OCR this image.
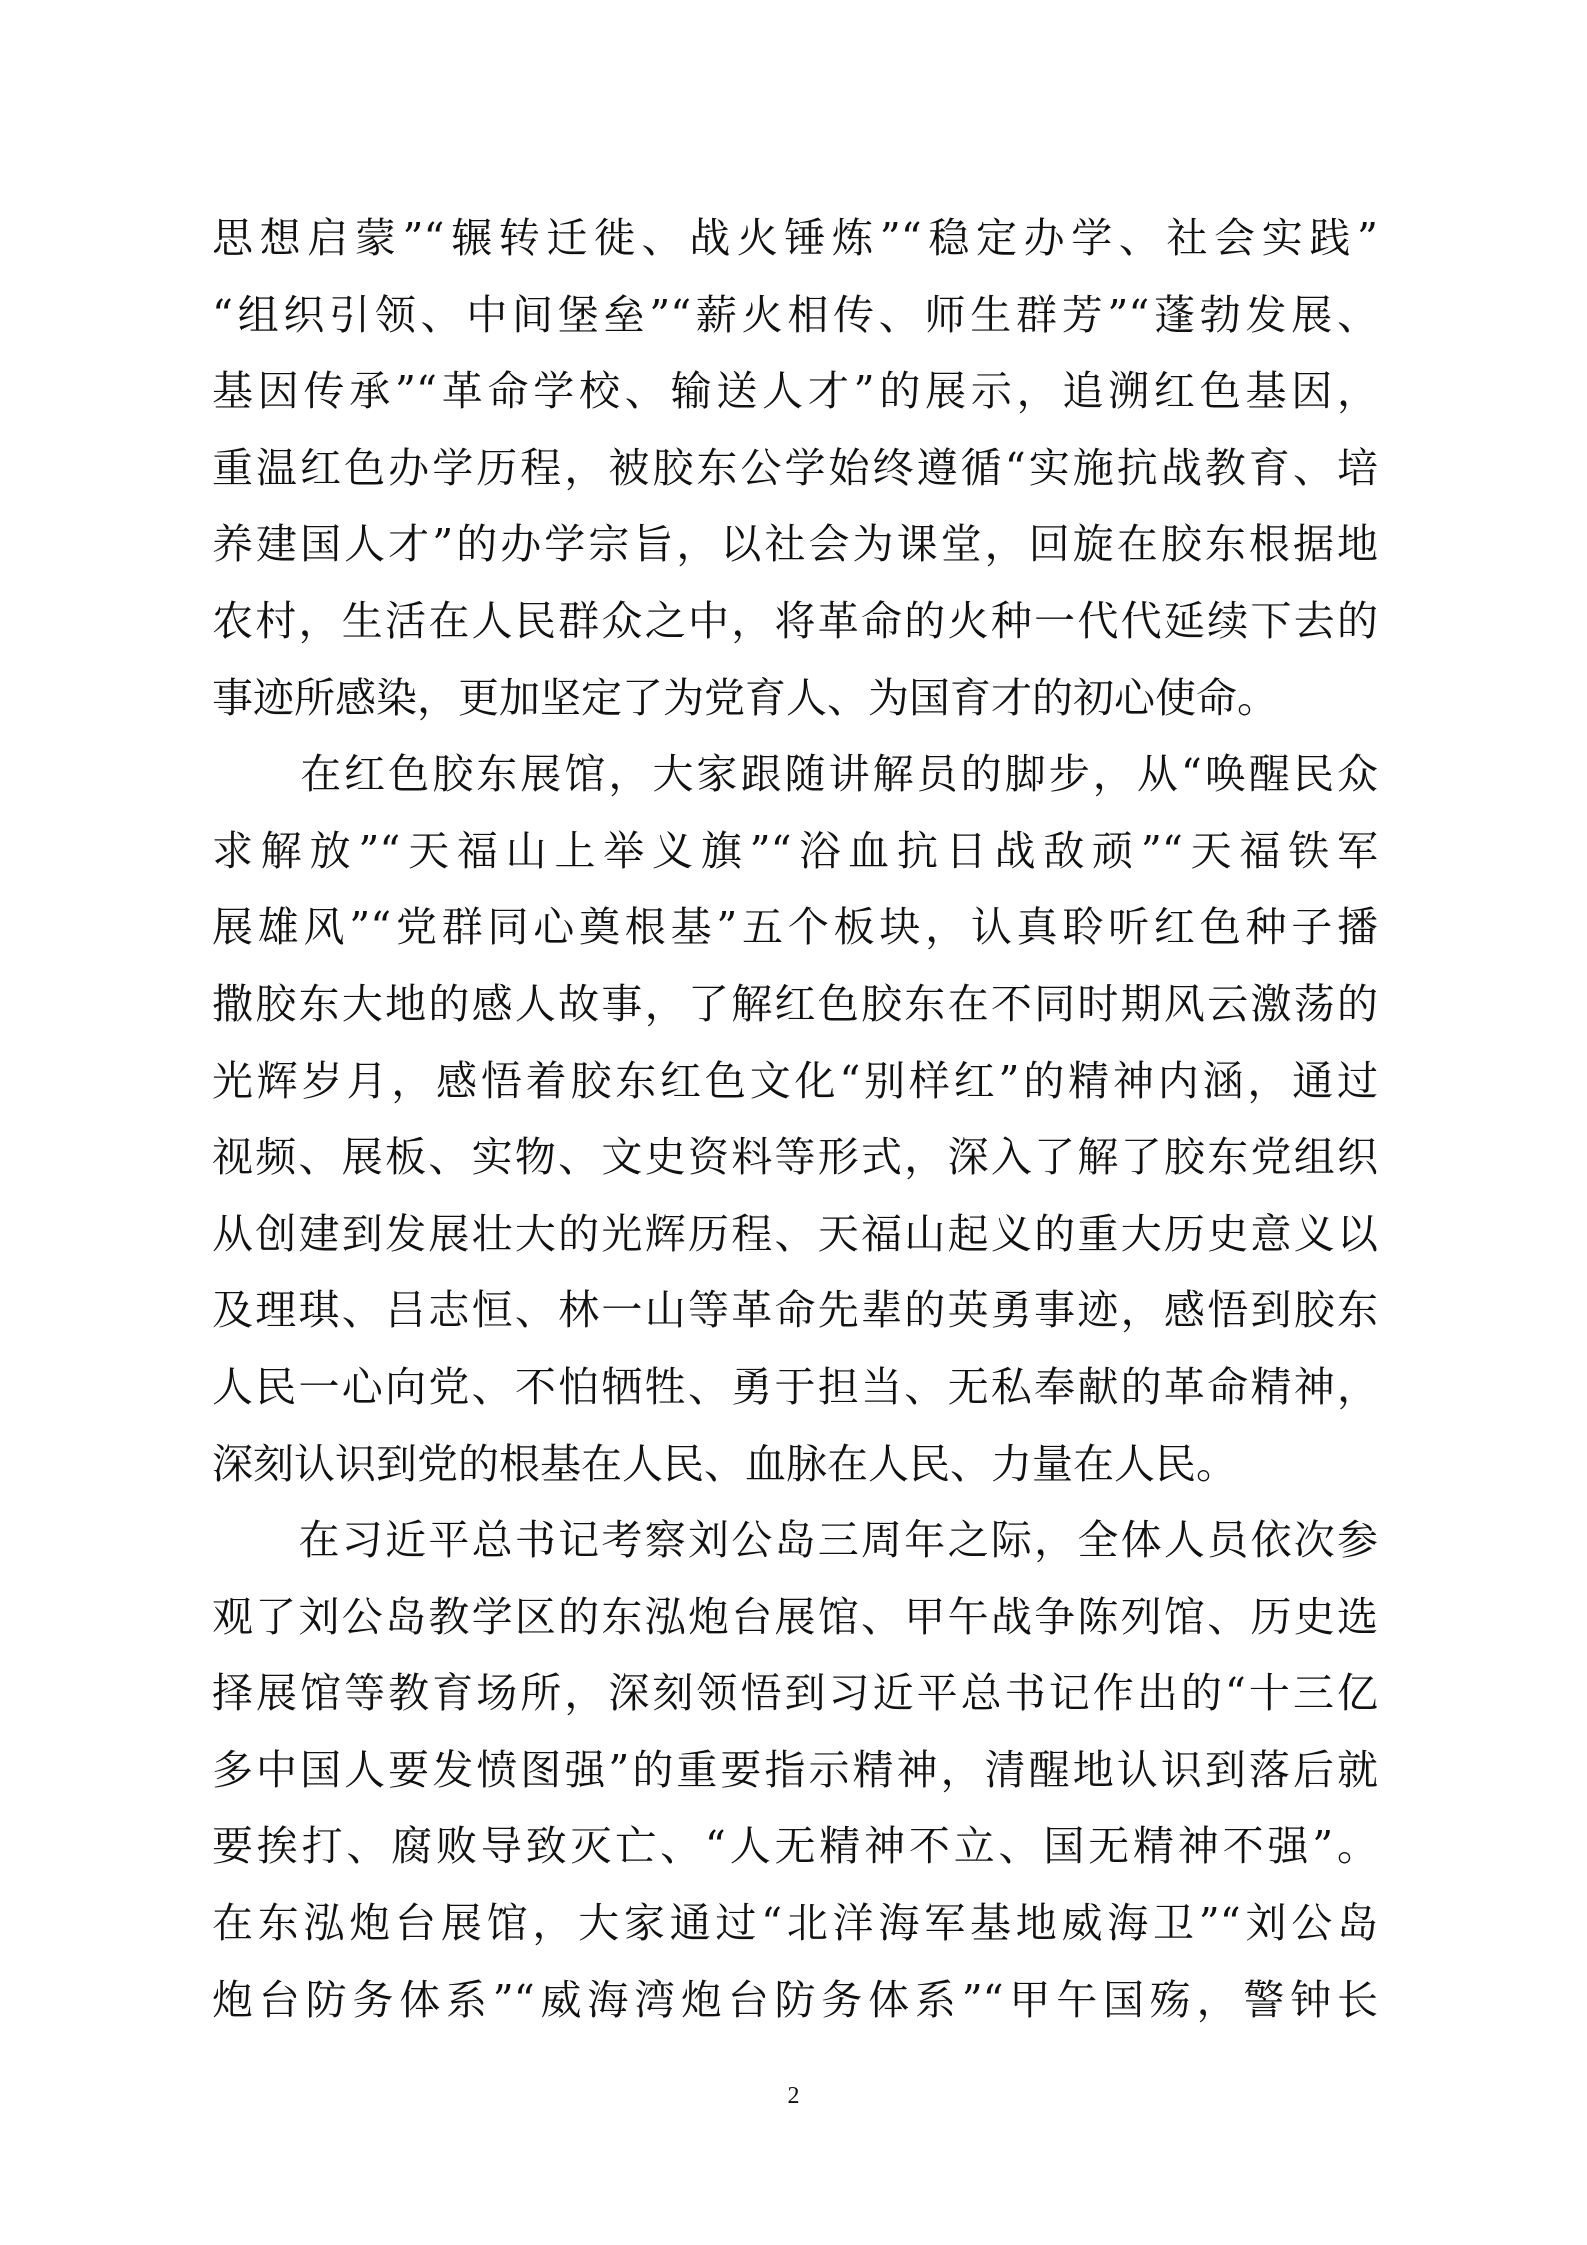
思想启蒙”“辗转迁徙、战火锤炼”“稳定办学、社会实践”
“组织引领、中间堡垒”“薪火相传、师生群芳”“蓬勃发展、
基因传承”“革命学校、输送人才”的展示，追溯红色基因，
重温红色办学历程，被胶东公学始终遵循“实施抗战教育、培
养建国人才”的办学宗旨，以社会为课堂，回旋在胶东根据地
农村，生活在人民群众之中，将革命的火种一代代延续下去的
事迹所感染，更加坚定了为党育人、为国育才的初心使命。
　　在红色胶东展馆，大家跟随讲解员的脚步，从“唤醒民众
求解放”“天福山上举义旗”“浴血抗日战敌顽”“天福铁军
展雄风”“党群同心奠根基”五个板块，认真聆听红色种子播
撒胶东大地的感人故事，了解红色胶东在不同时期风云激荡的
光辉岁月，感悟着胶东红色文化“别样红”的精神内涵，通过
视频、展板、实物、文史资料等形式，深入了解了胶东党组织
从创建到发展壮大的光辉历程、天福山起义的重大历史意义以
及理琪、吕志恒、林一山等革命先辈的英勇事迹，感悟到胶东
人民一心向党、不怕牺牲、勇于担当、无私奉献的革命精神，
深刻认识到党的根基在人民、血脉在人民、力量在人民。
　　在习近平总书记考察刘公岛三周年之际，全体人员依次参
观了刘公岛教学区的东泓炮台展馆、甲午战争陈列馆、历史选
择展馆等教育场所，深刻领悟到习近平总书记作出的“十三亿
多中国人要发愤图强”的重要指示精神，清醒地认识到落后就
要挨打、腐败导致灭亡、“人无精神不立、国无精神不强”。
在东泓炮台展馆，大家通过“北洋海军基地威海卫”“刘公岛
炮台防务体系”“威海湾炮台防务体系”“甲午国殇，警钟长
2
